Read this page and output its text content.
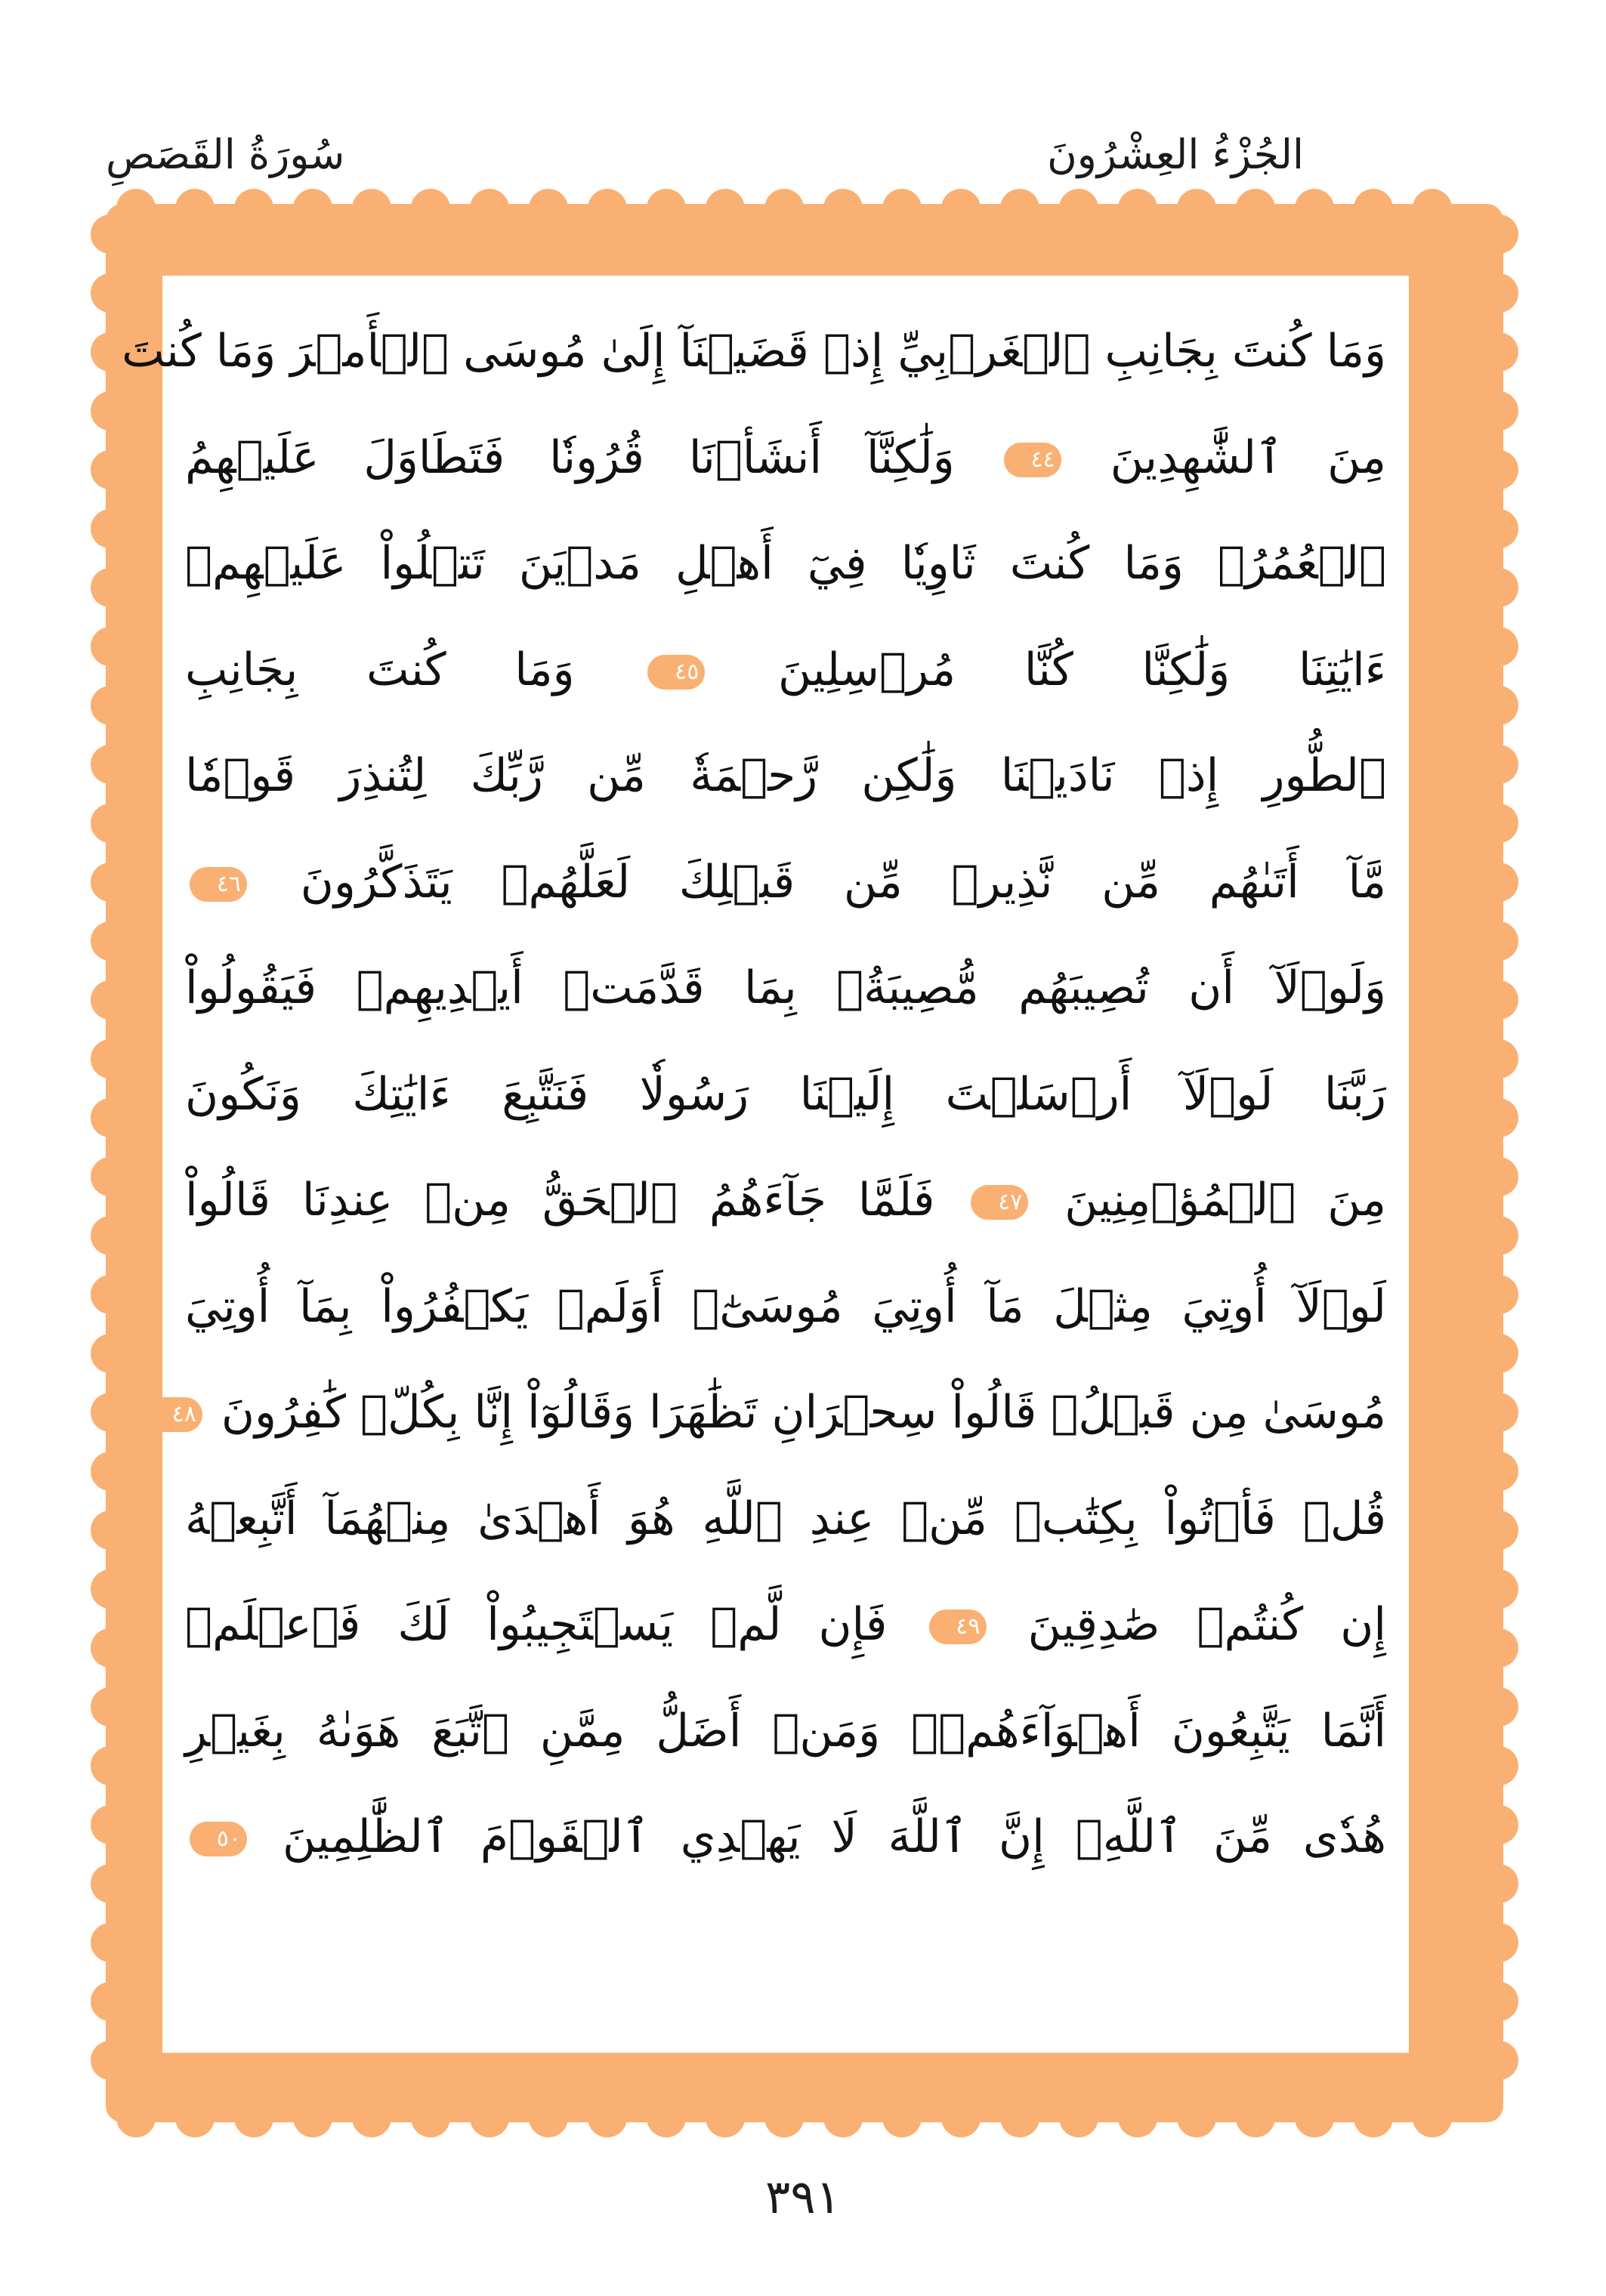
الجُزْءُ العِشْرُونَ
سُورَةُ القَصَصِ
وَمَا كُنتَ بِجَانِبِ ٱلۡغَرۡبِيِّ إِذۡ قَضَيۡنَآ إِلَىٰ مُوسَى ٱلۡأَمۡرَ وَمَا كُنتَ
مِنَ ٱلشَّٰهِدِينَ ٤٤ وَلَٰكِنَّآ أَنشَأۡنَا قُرُونٗا فَتَطَاوَلَ عَلَيۡهِمُ
ٱلۡعُمُرُۚ وَمَا كُنتَ ثَاوِيٗا فِيٓ أَهۡلِ مَدۡيَنَ تَتۡلُواْ عَلَيۡهِمۡ
ءَايَٰتِنَا وَلَٰكِنَّا كُنَّا مُرۡسِلِينَ ٤٥ وَمَا كُنتَ بِجَانِبِ
ٱلطُّورِ إِذۡ نَادَيۡنَا وَلَٰكِن رَّحۡمَةٗ مِّن رَّبِّكَ لِتُنذِرَ قَوۡمٗا
مَّآ أَتَىٰهُم مِّن نَّذِيرٖ مِّن قَبۡلِكَ لَعَلَّهُمۡ يَتَذَكَّرُونَ ٤٦
وَلَوۡلَآ أَن تُصِيبَهُم مُّصِيبَةُۢ بِمَا قَدَّمَتۡ أَيۡدِيهِمۡ فَيَقُولُواْ
رَبَّنَا لَوۡلَآ أَرۡسَلۡتَ إِلَيۡنَا رَسُولٗا فَنَتَّبِعَ ءَايَٰتِكَ وَنَكُونَ
مِنَ ٱلۡمُؤۡمِنِينَ ٤٧ فَلَمَّا جَآءَهُمُ ٱلۡحَقُّ مِنۡ عِندِنَا قَالُواْ
لَوۡلَآ أُوتِيَ مِثۡلَ مَآ أُوتِيَ مُوسَىٰٓۚ أَوَلَمۡ يَكۡفُرُواْ بِمَآ أُوتِيَ
مُوسَىٰ مِن قَبۡلُۖ قَالُواْ سِحۡرَانِ تَظَٰهَرَا وَقَالُوٓاْ إِنَّا بِكُلّٖ كَٰفِرُونَ ٤٨
قُلۡ فَأۡتُواْ بِكِتَٰبٖ مِّنۡ عِندِ ٱللَّهِ هُوَ أَهۡدَىٰ مِنۡهُمَآ أَتَّبِعۡهُ
إِن كُنتُمۡ صَٰدِقِينَ ٤٩ فَإِن لَّمۡ يَسۡتَجِيبُواْ لَكَ فَٱعۡلَمۡ
أَنَّمَا يَتَّبِعُونَ أَهۡوَآءَهُمۡۚ وَمَنۡ أَضَلُّ مِمَّنِ ٱتَّبَعَ هَوَىٰهُ بِغَيۡرِ
هُدٗى مِّنَ ٱللَّهِۚ إِنَّ ٱللَّهَ لَا يَهۡدِي ٱلۡقَوۡمَ ٱلظَّٰلِمِينَ ٥٠
٣٩١
